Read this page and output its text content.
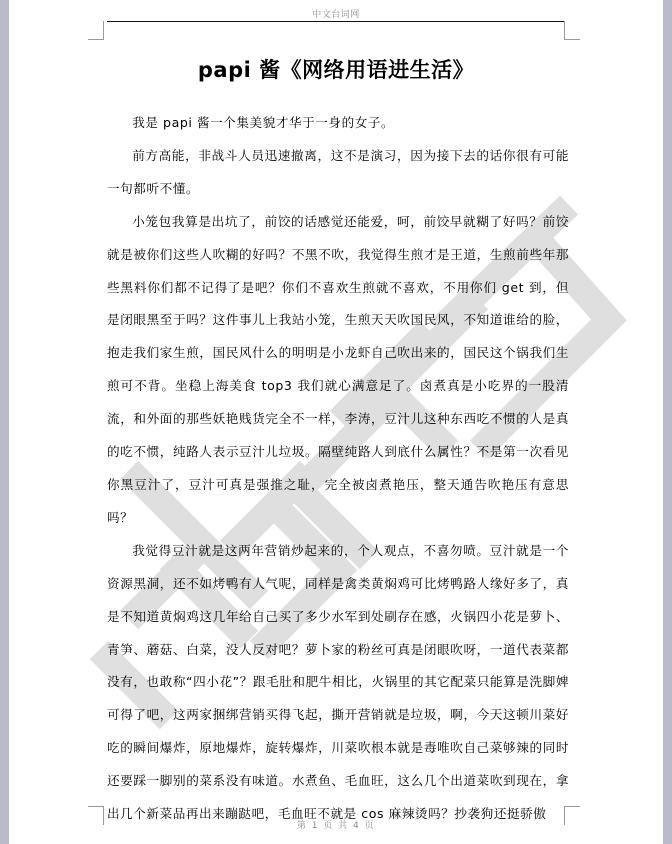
中文台词网
papi 酱《网络用语进生活》

我是 papi 酱一个集美貌才华于一身的女子。

前方高能，非战斗人员迅速撤离，这不是演习，因为接下去的话你很有可能一句都听不懂。

小笼包我算是出坑了，前饺的话感觉还能爱，呵，前饺早就糊了好吗？前饺就是被你们这些人吹糊的好吗？不黑不吹，我觉得生煎才是王道，生煎前些年那些黑料你们都不记得了是吧？你们不喜欢生煎就不喜欢，不用你们 get 到，但是闭眼黑至于吗？这件事儿上我站小笼，生煎天天吹国民风，不知道谁给的脸，抱走我们家生煎，国民风什么的明明是小龙虾自己吹出来的，国民这个锅我们生煎可不背。坐稳上海美食 top3 我们就心满意足了。卤煮真是小吃界的一股清流，和外面的那些妖艳贱货完全不一样，李涛，豆汁儿这种东西吃不惯的人是真的吃不惯，纯路人表示豆汁儿垃圾。隔壁纯路人到底什么属性？不是第一次看见你黑豆汁了，豆汁可真是强推之耻，完全被卤煮艳压，整天通告吹艳压有意思吗？

我觉得豆汁就是这两年营销炒起来的，个人观点，不喜勿喷。豆汁就是一个资源黑洞，还不如烤鸭有人气呢，同样是禽类黄焖鸡可比烤鸭路人缘好多了，真是不知道黄焖鸡这几年给自己买了多少水军到处刷存在感，火锅四小花是萝卜、青笋、蘑菇、白菜，没人反对吧？萝卜家的粉丝可真是闭眼吹呀，一道代表菜都没有，也敢称“四小花”？跟毛肚和肥牛相比，火锅里的其它配菜只能算是洗脚婢可得了吧，这两家捆绑营销买得飞起，撕开营销就是垃圾，啊，今天这顿川菜好吃的瞬间爆炸，原地爆炸，旋转爆炸，川菜吹根本就是毒唯吹自己菜够辣的同时还要踩一脚别的菜系没有味道。水煮鱼、毛血旺，这么几个出道菜吹到现在，拿出几个新菜品再出来蹦跶吧，毛血旺不就是 cos 麻辣烫吗？抄袭狗还挺骄傲

第 1 页 共 4 页
